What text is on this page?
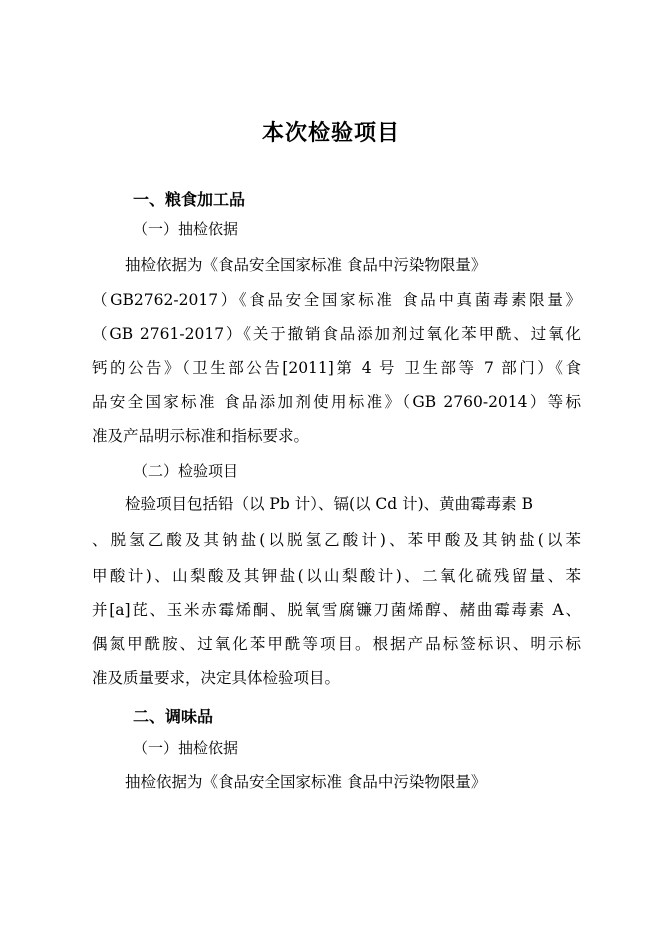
本次检验项目
一、粮食加工品
（一）抽检依据
抽检依据为《食品安全国家标准 食品中污染物限量》
（GB2762-2017）《食品安全国家标准 食品中真菌毒素限量》
（GB 2761-2017）《关于撤销食品添加剂过氧化苯甲酰、过氧化
钙的公告》（卫生部公告[2011]第 4 号 卫生部等 7 部门）《食
品安全国家标准 食品添加剂使用标准》（GB 2760-2014）等标
准及产品明示标准和指标要求。
（二）检验项目
检验项目包括铅（以 Pb 计）、镉(以 Cd 计)、黄曲霉毒素 B
、脱氢乙酸及其钠盐(以脱氢乙酸计)、苯甲酸及其钠盐(以苯
甲酸计)、山梨酸及其钾盐(以山梨酸计)、二氧化硫残留量、苯
并[a]芘、玉米赤霉烯酮、脱氧雪腐镰刀菌烯醇、赭曲霉毒素 A、
偶氮甲酰胺、过氧化苯甲酰等项目。根据产品标签标识、明示标
准及质量要求，决定具体检验项目。
二、调味品
（一）抽检依据
抽检依据为《食品安全国家标准 食品中污染物限量》
